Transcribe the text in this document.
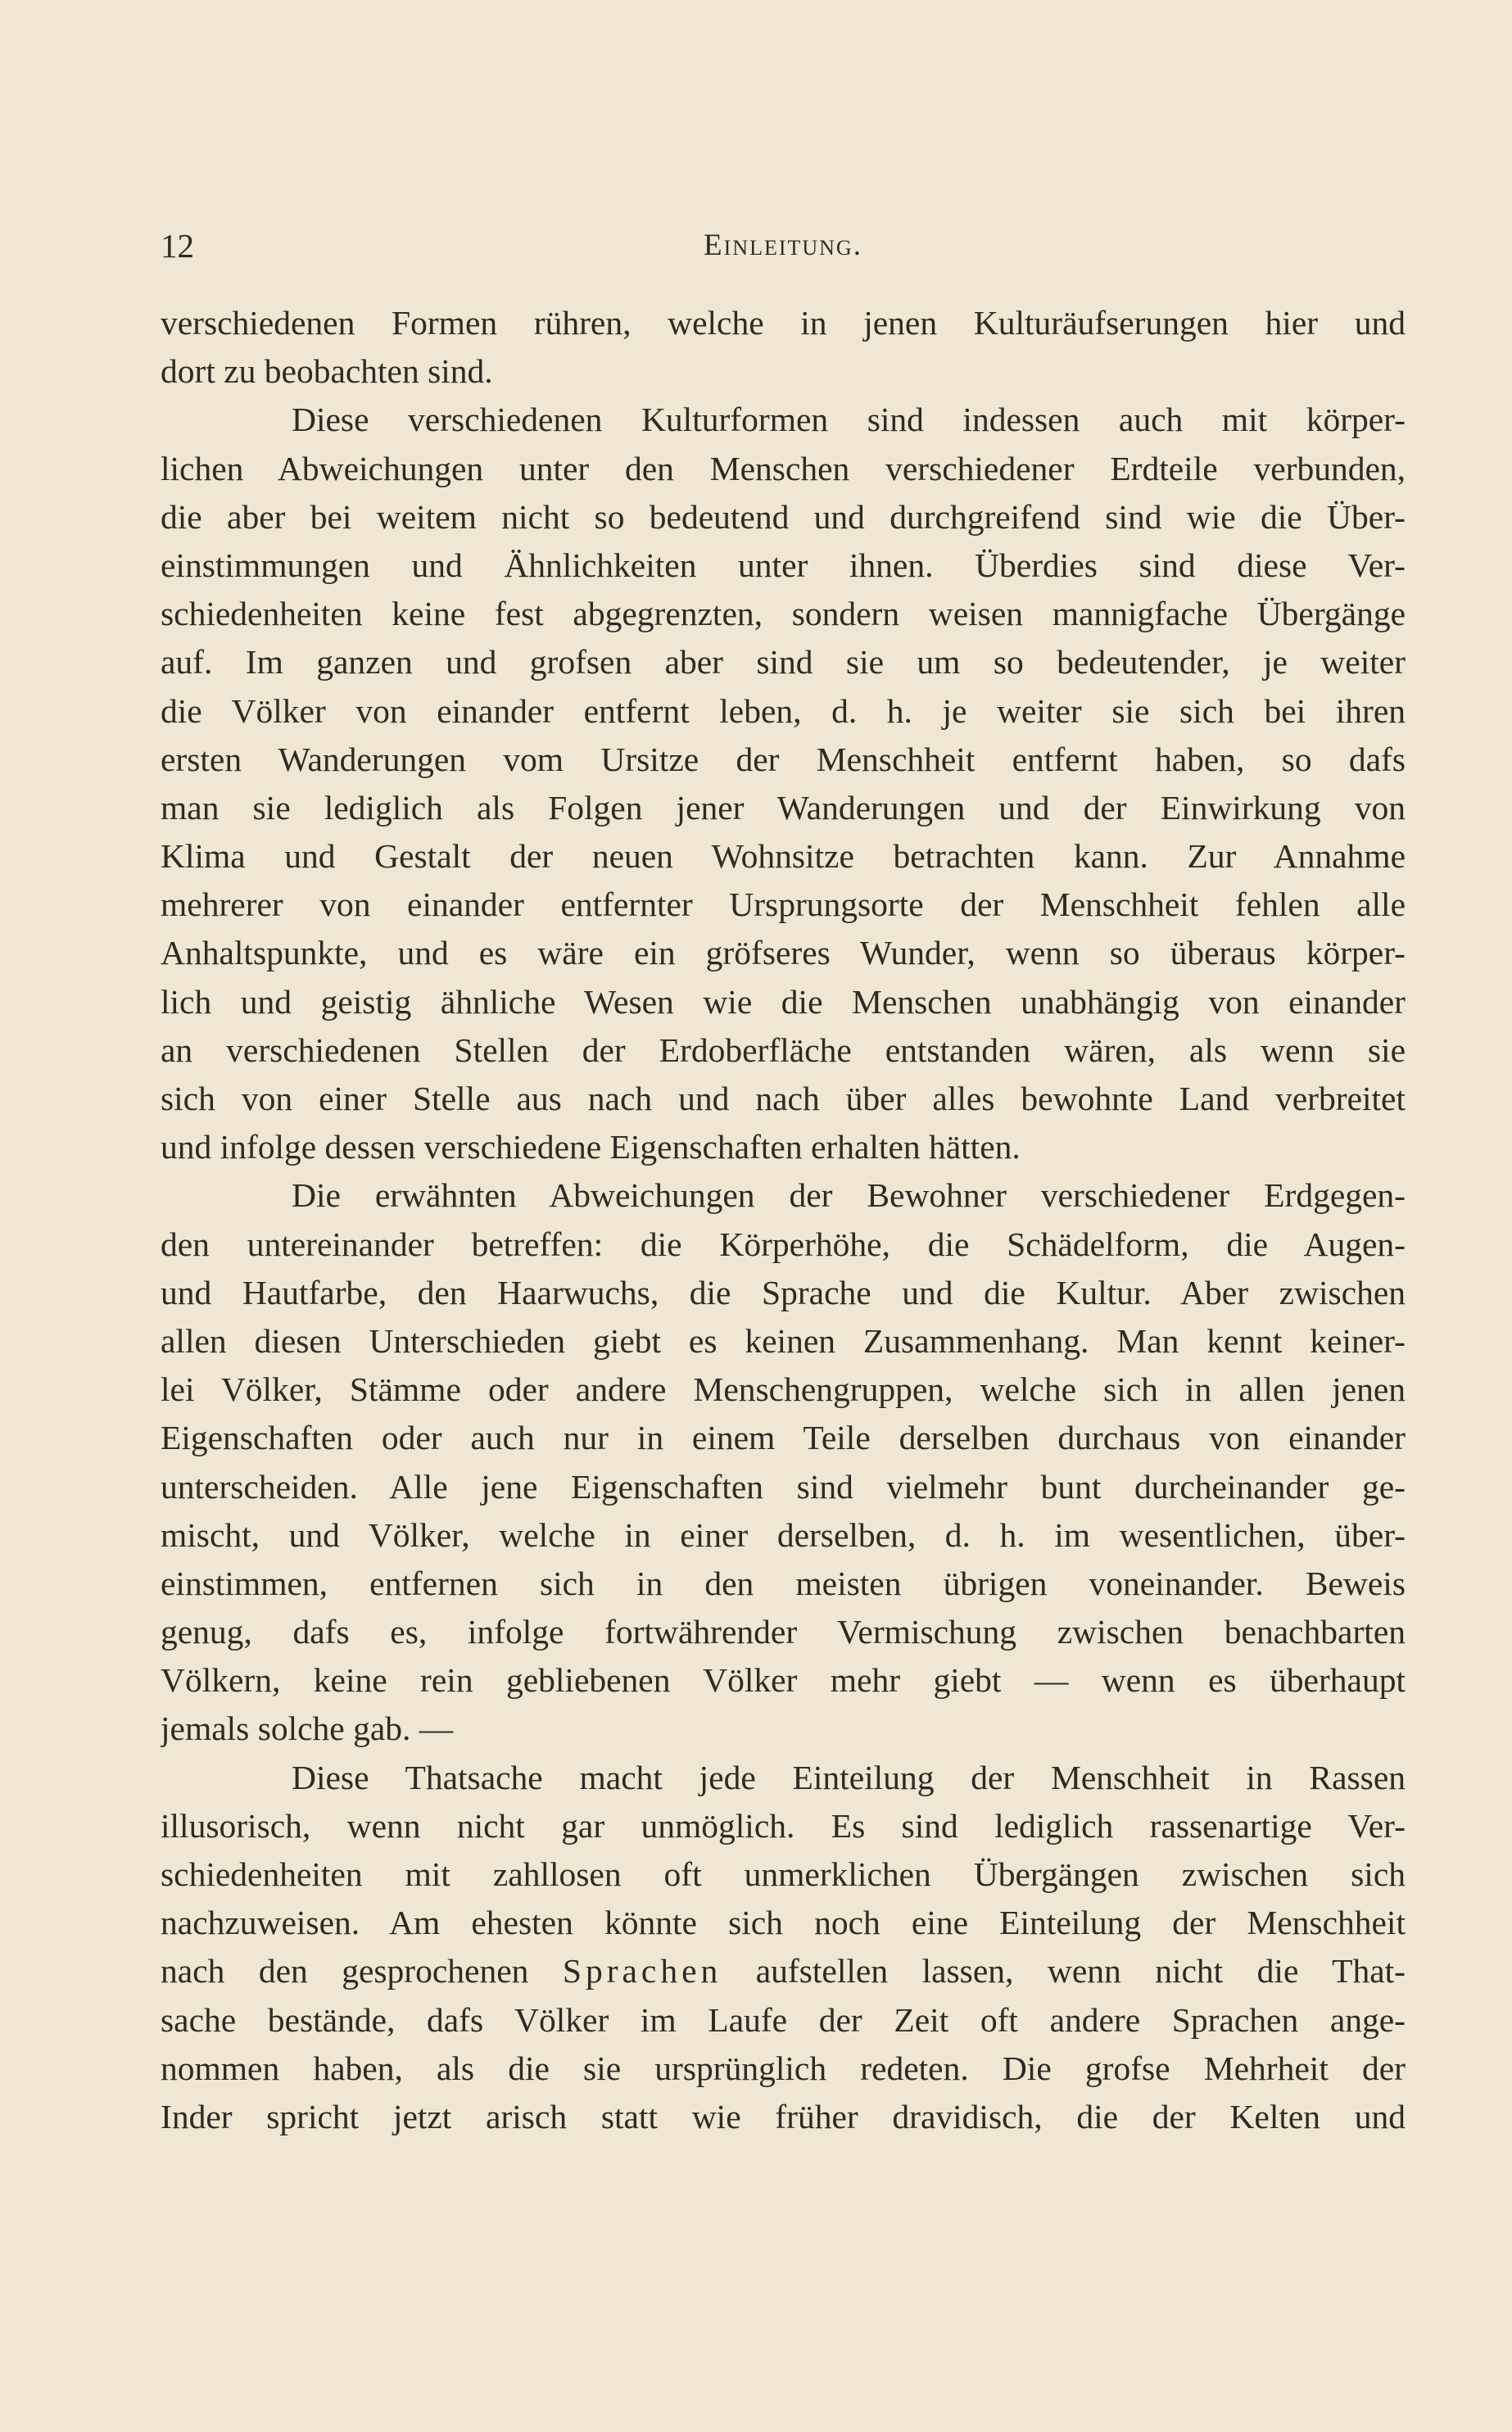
12	Einleitung.
verschiedenen Formen rühren, welche in jenen Kulturäufserungen hier und
dort zu beobachten sind.
Diese verschiedenen Kulturformen sind indessen auch mit körper-
lichen Abweichungen unter den Menschen verschiedener Erdteile verbunden,
die aber bei weitem nicht so bedeutend und durchgreifend sind wie die Über-
einstimmungen und Ähnlichkeiten unter ihnen. Überdies sind diese Ver-
schiedenheiten keine fest abgegrenzten, sondern weisen mannigfache Übergänge
auf. Im ganzen und grofsen aber sind sie um so bedeutender, je weiter
die Völker von einander entfernt leben, d. h. je weiter sie sich bei ihren
ersten Wanderungen vom Ursitze der Menschheit entfernt haben, so dafs
man sie lediglich als Folgen jener Wanderungen und der Einwirkung von
Klima und Gestalt der neuen Wohnsitze betrachten kann. Zur Annahme
mehrerer von einander entfernter Ursprungsorte der Menschheit fehlen alle
Anhaltspunkte, und es wäre ein gröfseres Wunder, wenn so überaus körper-
lich und geistig ähnliche Wesen wie die Menschen unabhängig von einander
an verschiedenen Stellen der Erdoberfläche entstanden wären, als wenn sie
sich von einer Stelle aus nach und nach über alles bewohnte Land verbreitet
und infolge dessen verschiedene Eigenschaften erhalten hätten.
Die erwähnten Abweichungen der Bewohner verschiedener Erdgegen-
den untereinander betreffen: die Körperhöhe, die Schädelform, die Augen-
und Hautfarbe, den Haarwuchs, die Sprache und die Kultur. Aber zwischen
allen diesen Unterschieden giebt es keinen Zusammenhang. Man kennt keiner-
lei Völker, Stämme oder andere Menschengruppen, welche sich in allen jenen
Eigenschaften oder auch nur in einem Teile derselben durchaus von einander
unterscheiden. Alle jene Eigenschaften sind vielmehr bunt durcheinander ge-
mischt, und Völker, welche in einer derselben, d. h. im wesentlichen, über-
einstimmen, entfernen sich in den meisten übrigen voneinander. Beweis
genug, dafs es, infolge fortwährender Vermischung zwischen benachbarten
Völkern, keine rein gebliebenen Völker mehr giebt — wenn es überhaupt
jemals solche gab. —
Diese Thatsache macht jede Einteilung der Menschheit in Rassen
illusorisch, wenn nicht gar unmöglich. Es sind lediglich rassenartige Ver-
schiedenheiten mit zahllosen oft unmerklichen Übergängen zwischen sich
nachzuweisen. Am ehesten könnte sich noch eine Einteilung der Menschheit
nach den gesprochenen Sprachen aufstellen lassen, wenn nicht die That-
sache bestände, dafs Völker im Laufe der Zeit oft andere Sprachen ange-
nommen haben, als die sie ursprünglich redeten. Die grofse Mehrheit der
Inder spricht jetzt arisch statt wie früher dravidisch, die der Kelten und
